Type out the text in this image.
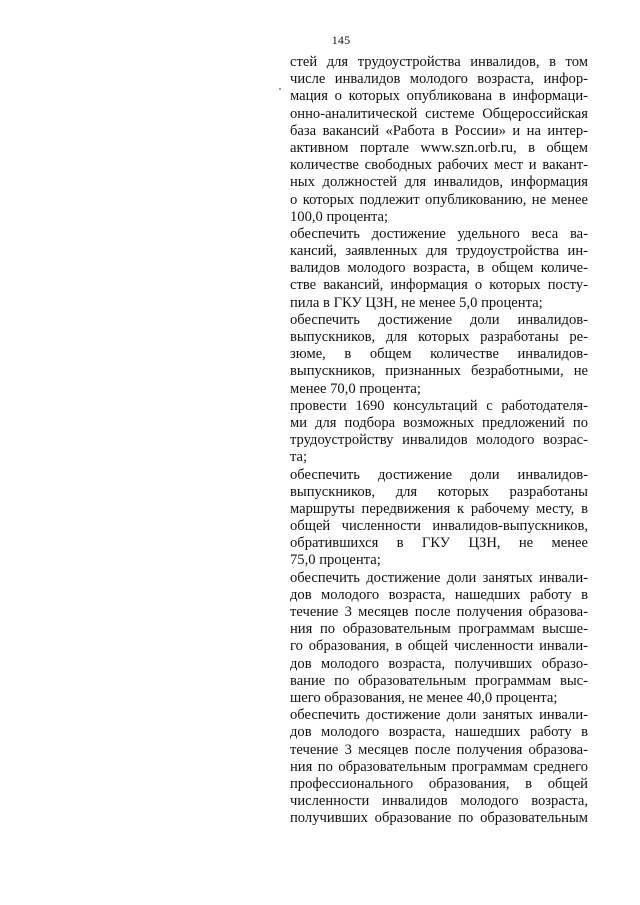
145
стей для трудоустройства инвалидов, в том
числе инвалидов молодого возраста, инфор-
мация о которых опубликована в информаци-
онно-аналитической системе Общероссийская
база вакансий «Работа в России» и на интер-
активном портале www.szn.orb.ru, в общем
количестве свободных рабочих мест и вакант-
ных должностей для инвалидов, информация
о которых подлежит опубликованию, не менее
100,0 процента;
обеспечить достижение удельного веса ва-
кансий, заявленных для трудоустройства ин-
валидов молодого возраста, в общем количе-
стве вакансий, информация о которых посту-
пила в ГКУ ЦЗН, не менее 5,0 процента;
обеспечить достижение доли инвалидов-
выпускников, для которых разработаны ре-
зюме, в общем количестве инвалидов-
выпускников, признанных безработными, не
менее 70,0 процента;
провести 1690 консультаций с работодателя-
ми для подбора возможных предложений по
трудоустройству инвалидов молодого возрас-
та;
обеспечить достижение доли инвалидов-
выпускников, для которых разработаны
маршруты передвижения к рабочему месту, в
общей численности инвалидов-выпускников,
обратившихся в ГКУ ЦЗН, не менее
75,0 процента;
обеспечить достижение доли занятых инвали-
дов молодого возраста, нашедших работу в
течение 3 месяцев после получения образова-
ния по образовательным программам высше-
го образования, в общей численности инвали-
дов молодого возраста, получивших образо-
вание по образовательным программам выс-
шего образования, не менее 40,0 процента;
обеспечить достижение доли занятых инвали-
дов молодого возраста, нашедших работу в
течение 3 месяцев после получения образова-
ния по образовательным программам среднего
профессионального образования, в общей
численности инвалидов молодого возраста,
получивших образование по образовательным
